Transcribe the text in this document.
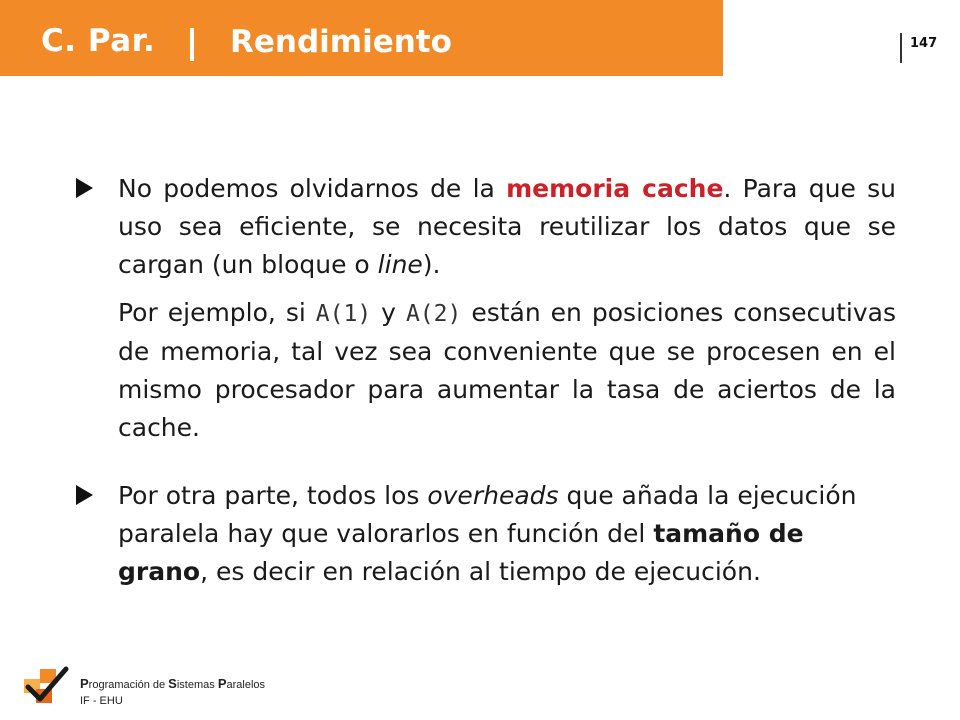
C. Par. Rendimiento	147

No podemos olvidarnos de la memoria cache. Para que su uso sea eficiente, se necesita reutilizar los datos que se cargan (un bloque o line).

Por ejemplo, si A(1) y A(2) están en posiciones consecutivas de memoria, tal vez sea conveniente que se procesen en el mismo procesador para aumentar la tasa de aciertos de la cache.

Por otra parte, todos los overheads que añada la ejecución paralela hay que valorarlos en función del tamaño de grano, es decir en relación al tiempo de ejecución.

Programación de Sistemas Paralelos
IF - EHU
